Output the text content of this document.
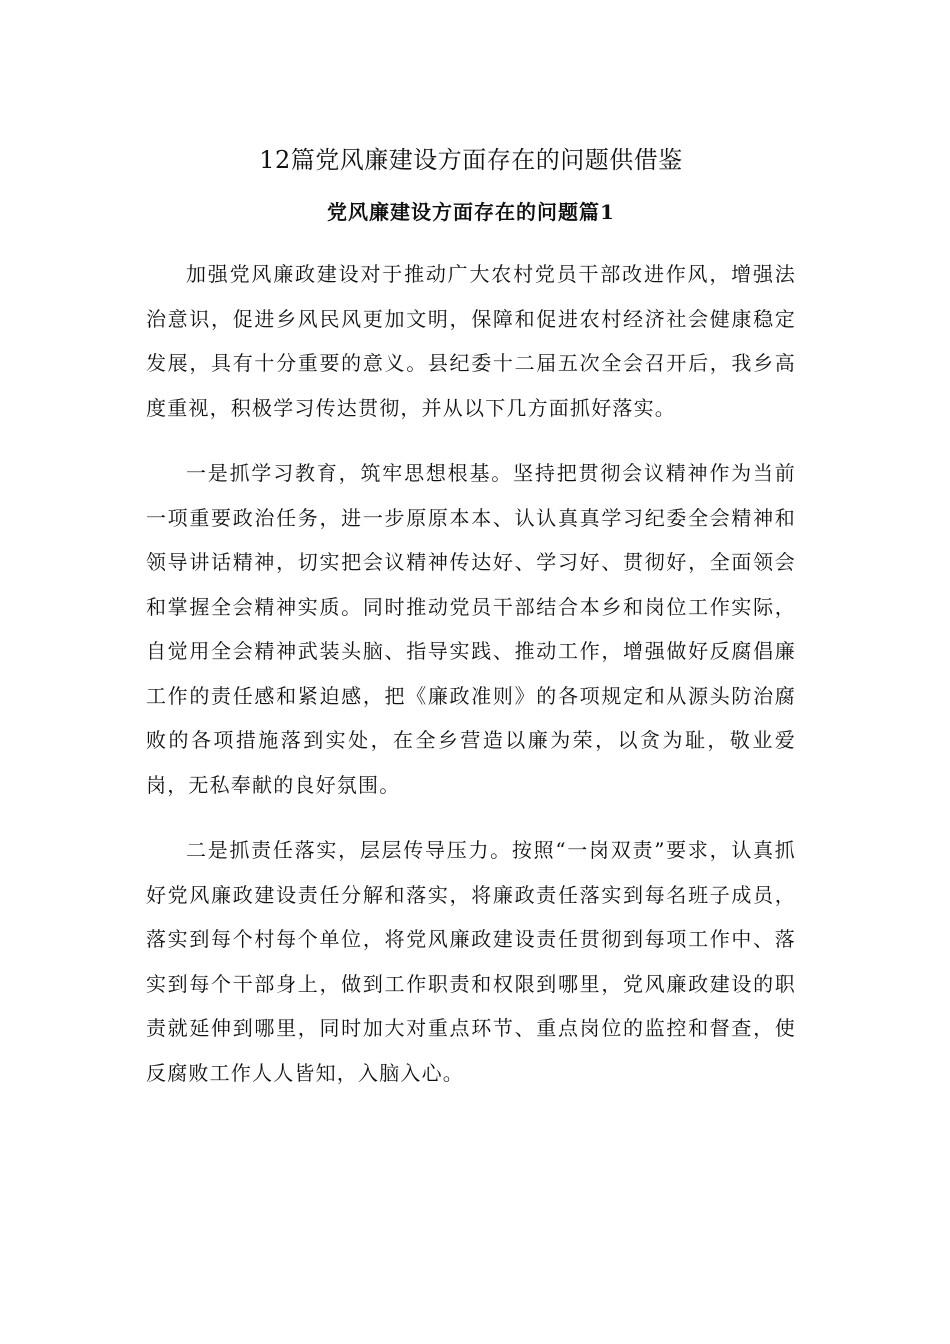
12篇党风廉建设方面存在的问题供借鉴
党风廉建设方面存在的问题篇1

加强党风廉政建设对于推动广大农村党员干部改进作风，增强法治意识，促进乡风民风更加文明，保障和促进农村经济社会健康稳定发展，具有十分重要的意义。县纪委十二届五次全会召开后，我乡高度重视，积极学习传达贯彻，并从以下几方面抓好落实。

一是抓学习教育，筑牢思想根基。坚持把贯彻会议精神作为当前一项重要政治任务，进一步原原本本、认认真真学习纪委全会精神和领导讲话精神，切实把会议精神传达好、学习好、贯彻好，全面领会和掌握全会精神实质。同时推动党员干部结合本乡和岗位工作实际，自觉用全会精神武装头脑、指导实践、推动工作，增强做好反腐倡廉工作的责任感和紧迫感，把《廉政准则》的各项规定和从源头防治腐败的各项措施落到实处，在全乡营造以廉为荣，以贪为耻，敬业爱岗，无私奉献的良好氛围。

二是抓责任落实，层层传导压力。按照“一岗双责”要求，认真抓好党风廉政建设责任分解和落实，将廉政责任落实到每名班子成员，落实到每个村每个单位，将党风廉政建设责任贯彻到每项工作中、落实到每个干部身上，做到工作职责和权限到哪里，党风廉政建设的职责就延伸到哪里，同时加大对重点环节、重点岗位的监控和督查，使反腐败工作人人皆知，入脑入心。
